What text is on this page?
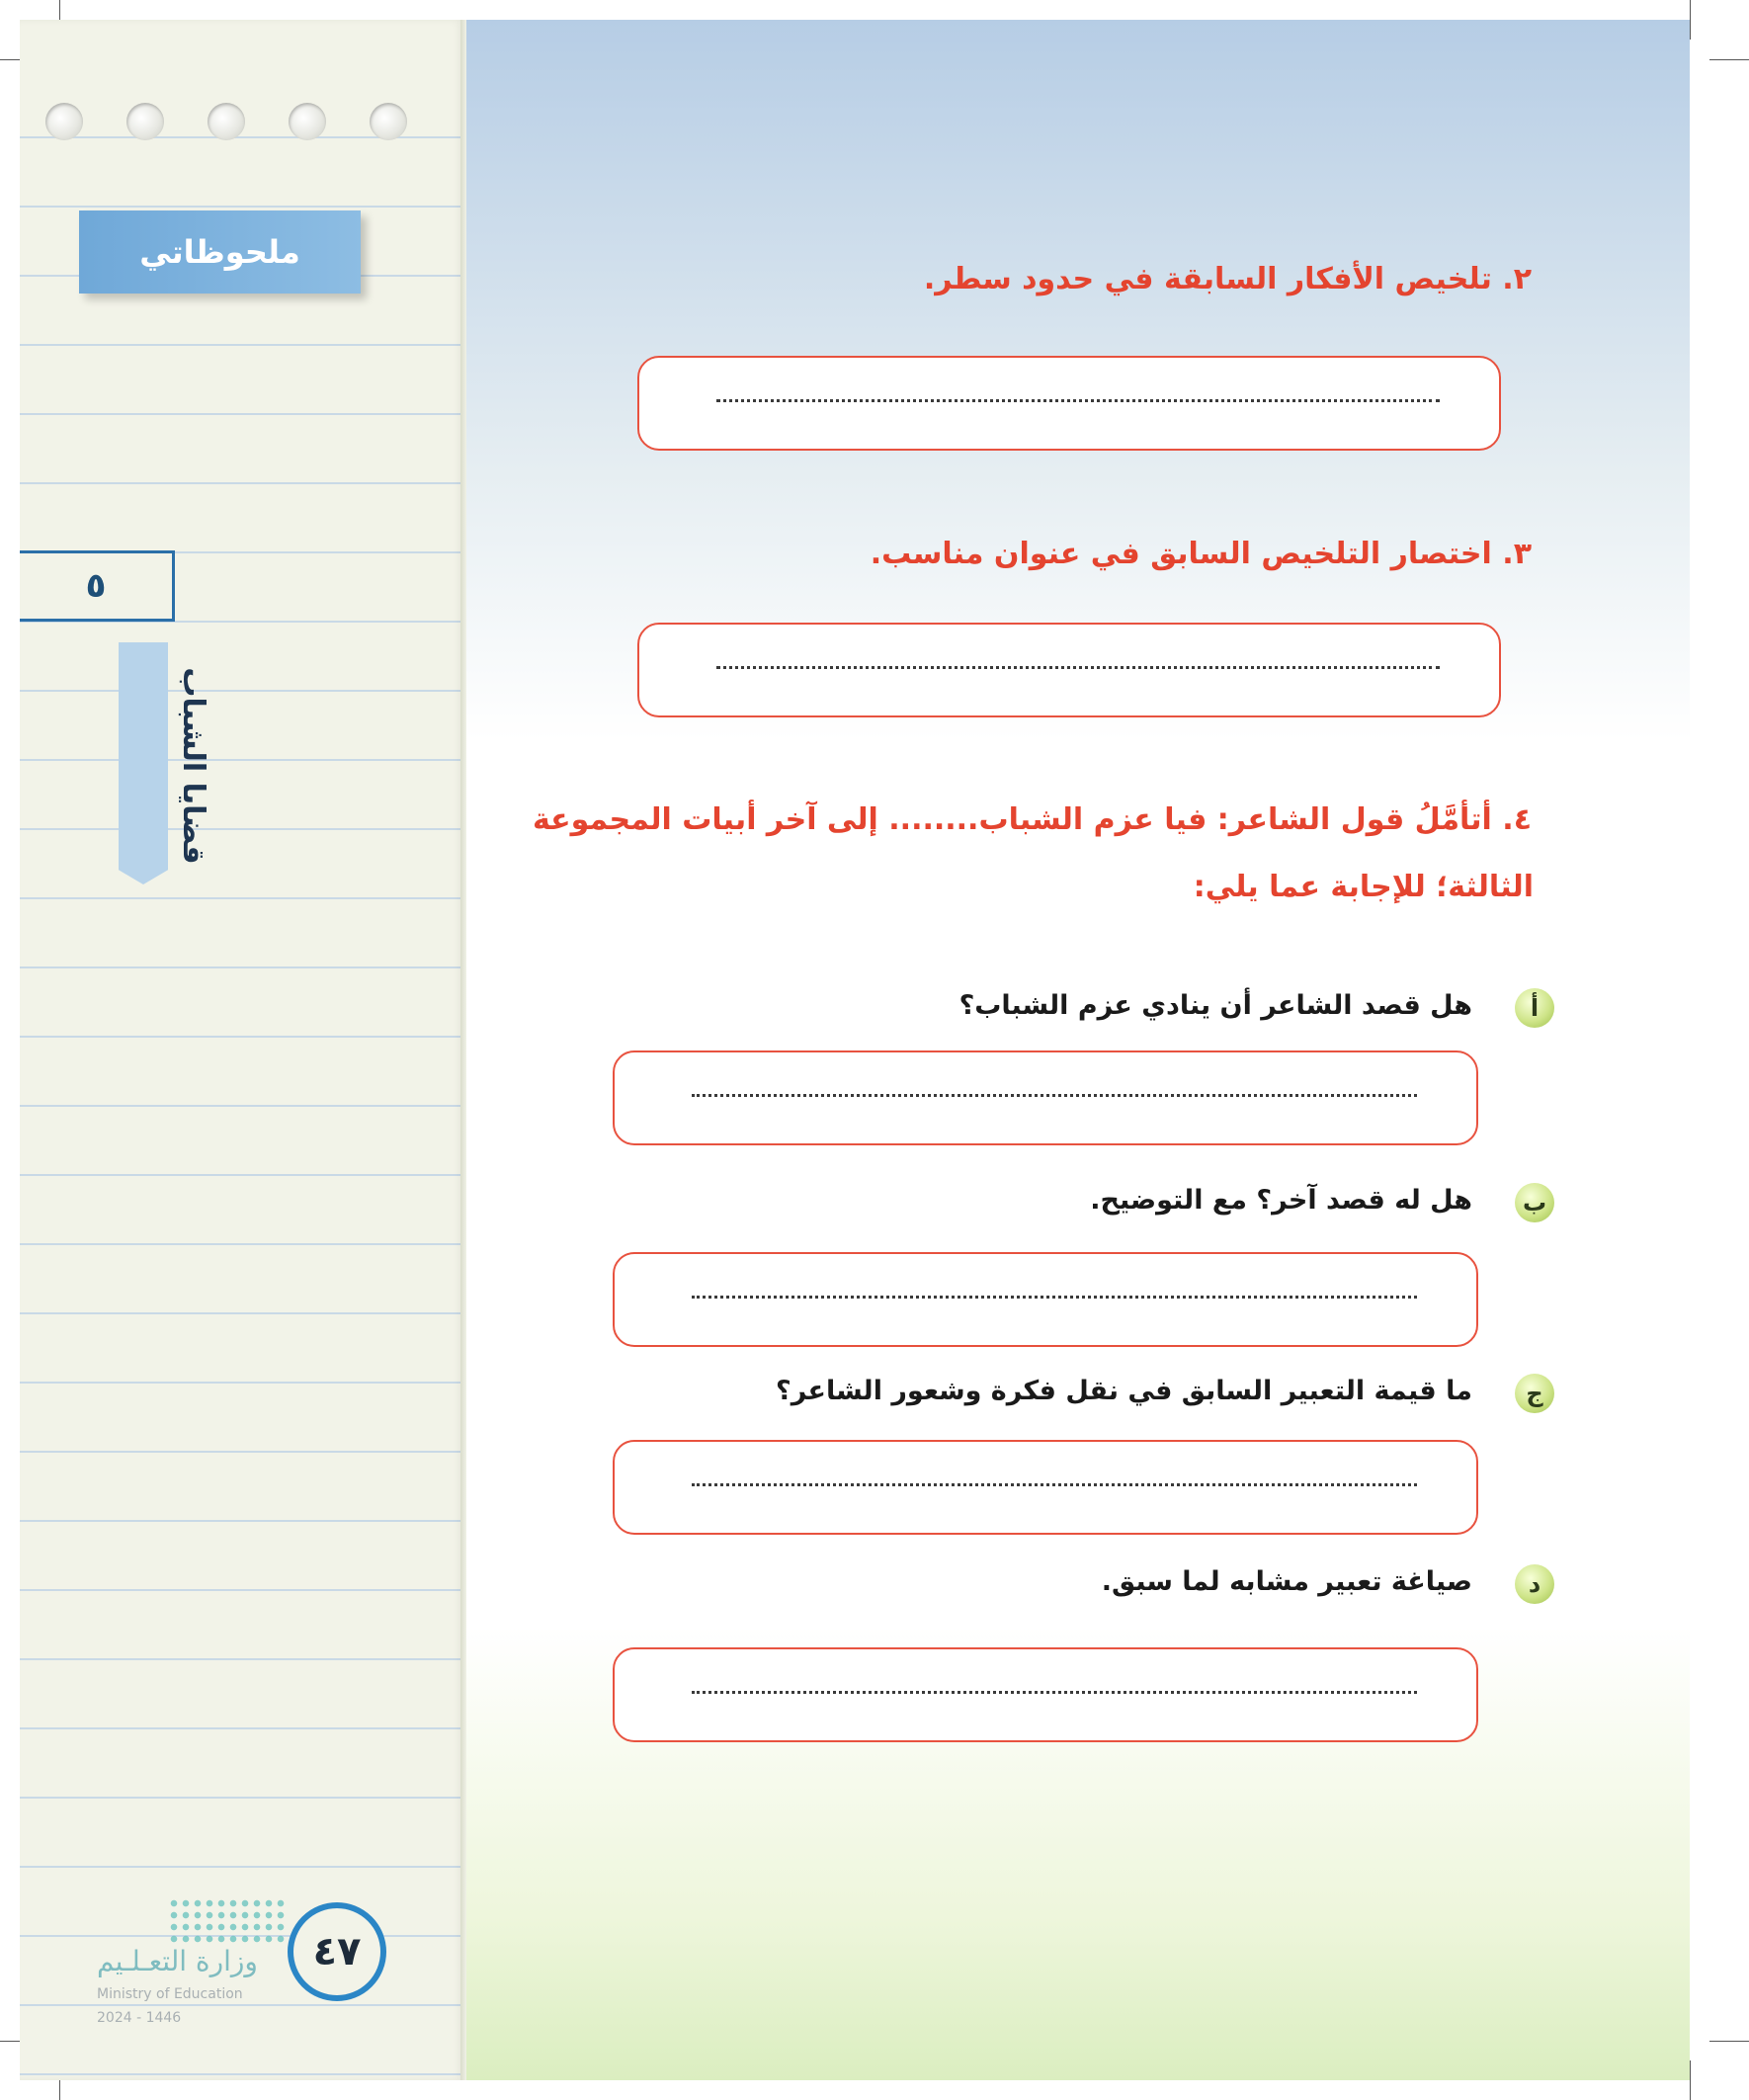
ملحوظاتي
٥
قضايا الشباب
٤٧
وزارة التعـلـيم
Ministry of Education
2024 - 1446
٢. تلخيص الأفكار السابقة في حدود سطر.
٣. اختصار التلخيص السابق في عنوان مناسب.
٤. أتأمَّلُ قول الشاعر: فيا عزم الشباب........ إلى آخر أبيات المجموعة
الثالثة؛ للإجابة عما يلي:
أ
هل قصد الشاعر أن ينادي عزم الشباب؟
ب
هل له قصد آخر؟ مع التوضيح.
ج
ما قيمة التعبير السابق في نقل فكرة وشعور الشاعر؟
د
صياغة تعبير مشابه لما سبق.
